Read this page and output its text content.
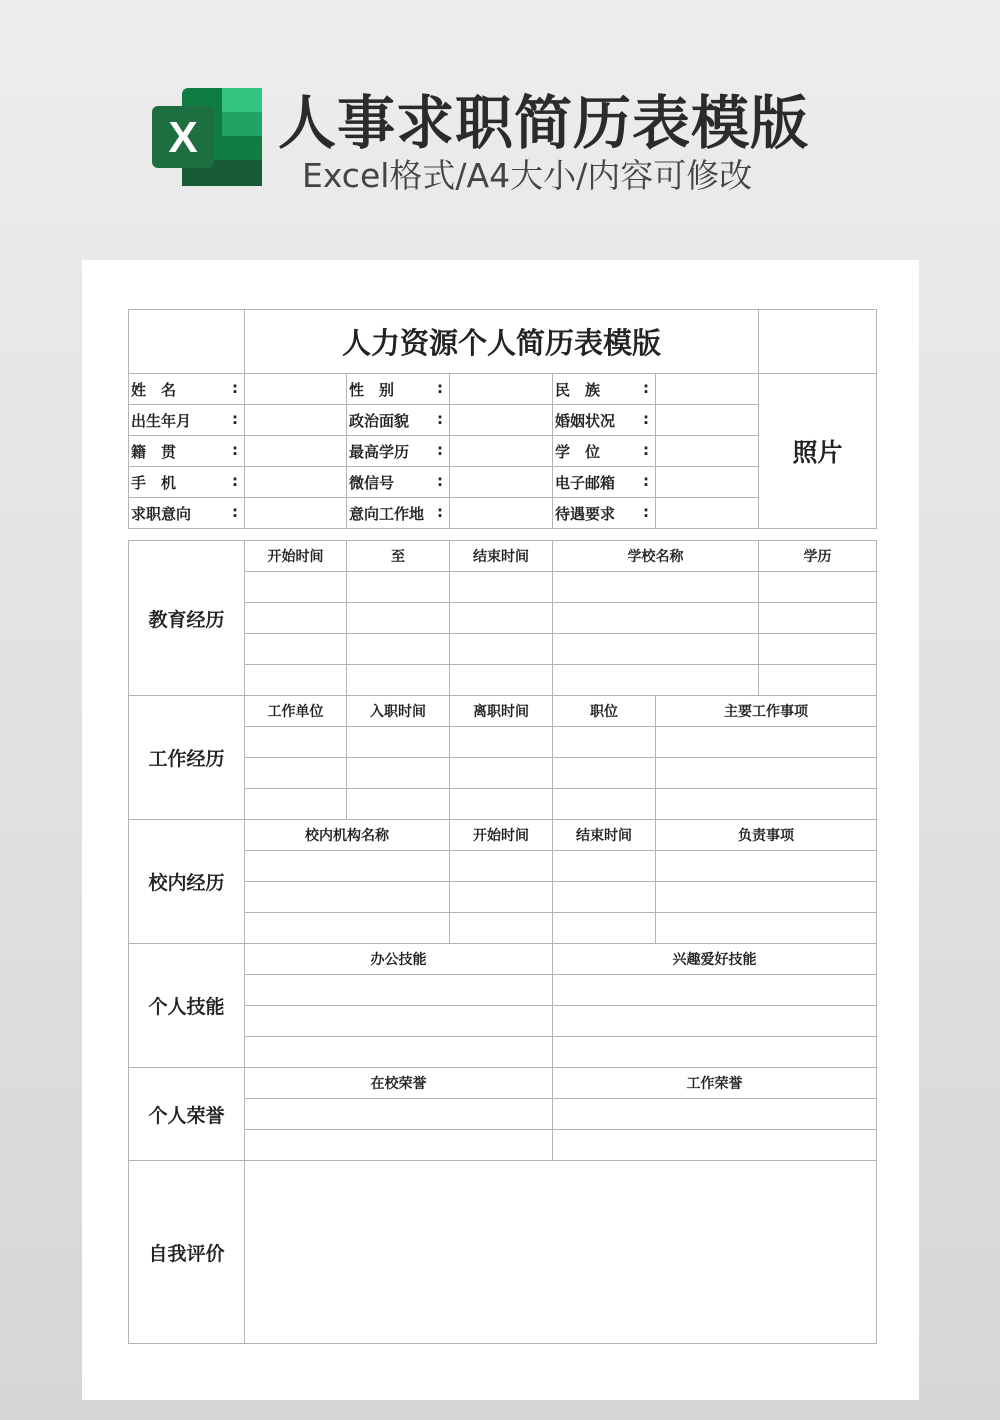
X 人事求职简历表模版
Excel格式/A4大小/内容可修改
	人力资源个人简历表模版					
姓　名 :		性　别 :		民　族 :		照片
出生年月 :		政治面貌 :		婚姻状况 :		

籍　贯 :		最高学历 :		学　位 :		

手　机 :		微信号 :		电子邮箱 :		

求职意向 :		意向工作地 :		待遇要求 :		

教育经历	开始时间	至	结束时间	学校名称		学历

工作经历	工作单位	入职时间	离职时间	职位	主要工作事项	

校内经历	校内机构名称		开始时间	结束时间	负责事项	

个人技能	办公技能			兴趣爱好技能		

个人荣誉	在校荣誉			工作荣誉		

自我评价						
